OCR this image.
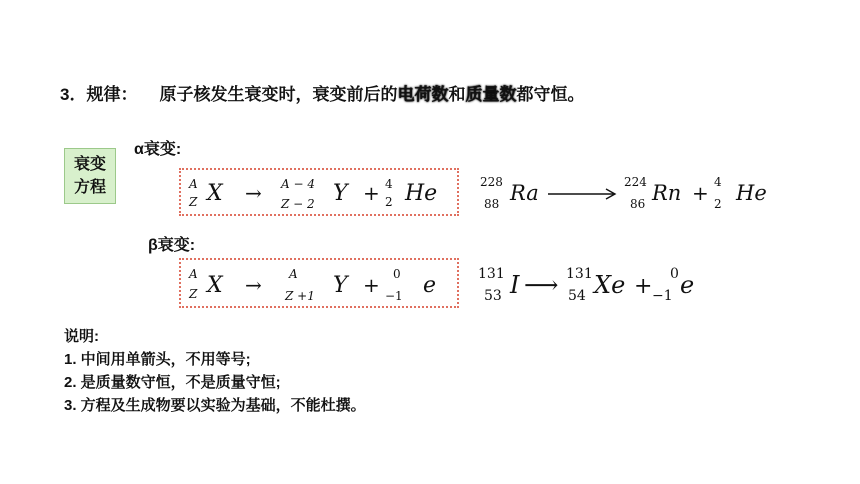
3．规律： 原子核发生衰变时，衰变前后的电荷数和质量数都守恒。
衰变
方程
α衰变:
A
Z X → A − 4
Z − 2 Y + 4
2 He	228
88 Ra	224
86 Rn + 4
2 He
β衰变:
A
Z X → A
Z +1 Y + 0
−1 e	131
53 I ⟶ 131
54 Xe + 0
−1 e
说明:
1. 中间用单箭头，不用等号;
2. 是质量数守恒，不是质量守恒;
3. 方程及生成物要以实验为基础，不能杜撰。
